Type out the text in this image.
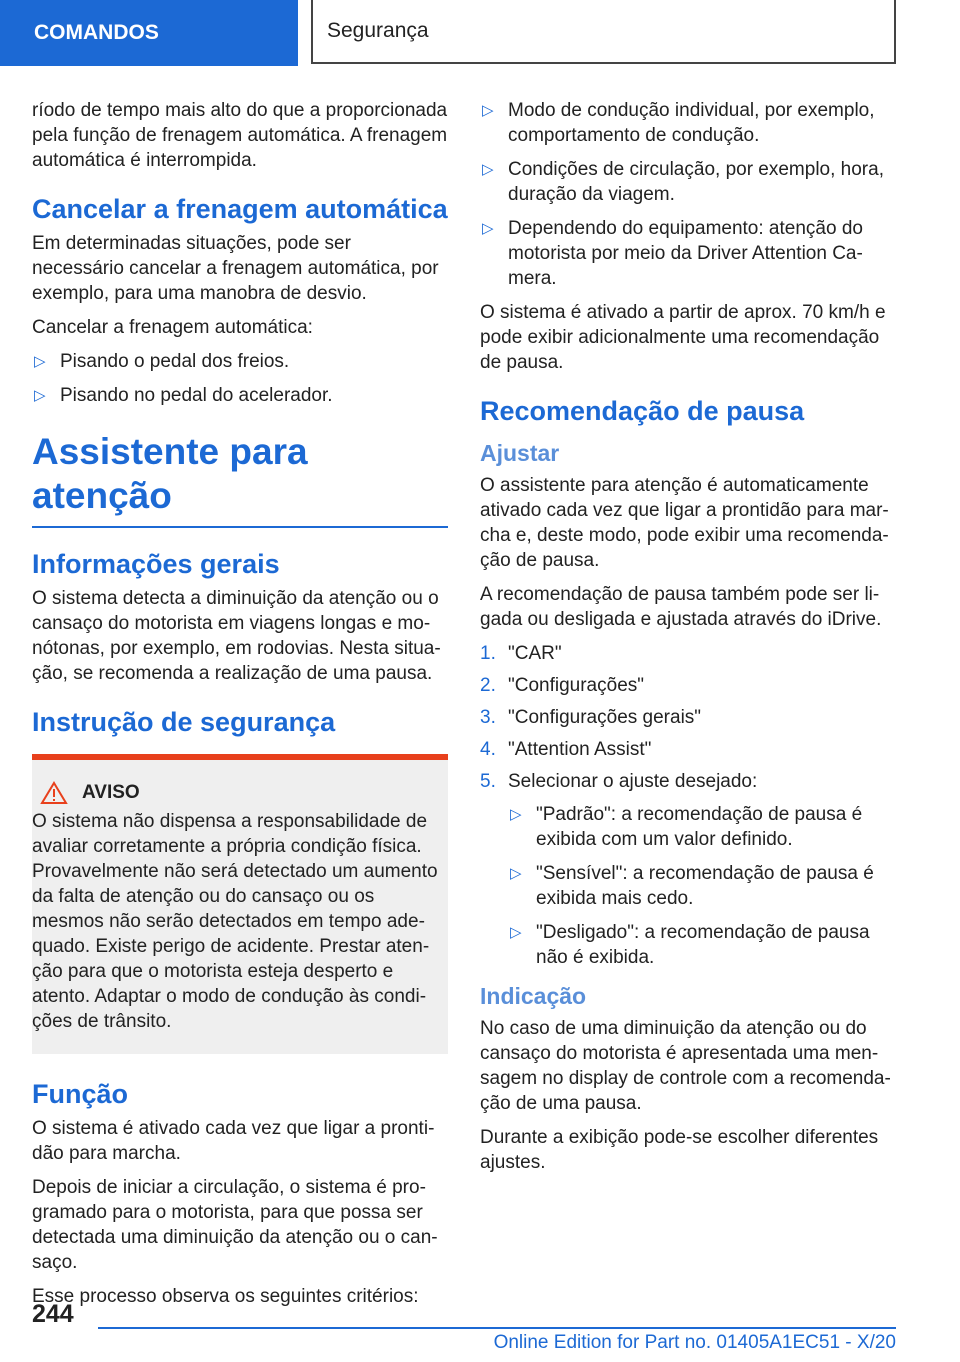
COMANDOS	Segurança

ríodo de tempo mais alto do que a proporcionada pela função de frenagem automática. A frenagem automática é interrompida.

Cancelar a frenagem automática

Em determinadas situações, pode ser necessário cancelar a frenagem automática, por exemplo, para uma manobra de desvio.

Cancelar a frenagem automática:

▷ Pisando o pedal dos freios.
▷ Pisando no pedal do acelerador.
Assistente para atenção
Informações gerais

O sistema detecta a diminuição da atenção ou o cansaço do motorista em viagens longas e monótonas, por exemplo, em rodovias. Nesta situação, se recomenda a realização de uma pausa.

Instrução de segurança
AVISO

O sistema não dispensa a responsabilidade de avaliar corretamente a própria condição física. Provavelmente não será detectado um aumento da falta de atenção ou do cansaço ou os mesmos não serão detectados em tempo adequado. Existe perigo de acidente. Prestar atenção para que o motorista esteja desperto e atento. Adaptar o modo de condução às condições de trânsito.

Função

O sistema é ativado cada vez que ligar a prontidão para marcha.

Depois de iniciar a circulação, o sistema é programado para o motorista, para que possa ser detectada uma diminuição da atenção ou o cansaço.

Esse processo observa os seguintes critérios:

▷ Modo de condução individual, por exemplo, comportamento de condução.
▷ Condições de circulação, por exemplo, hora, duração da viagem.
▷ Dependendo do equipamento: atenção do motorista por meio da Driver Attention Camera.

O sistema é ativado a partir de aprox. 70 km/h e pode exibir adicionalmente uma recomendação de pausa.

Recomendação de pausa
Ajustar

O assistente para atenção é automaticamente ativado cada vez que ligar a prontidão para marcha e, deste modo, pode exibir uma recomendação de pausa.

A recomendação de pausa também pode ser ligada ou desligada e ajustada através do iDrive.

1. "CAR"
2. "Configurações"
3. "Configurações gerais"
4. "Attention Assist"
5. Selecionar o ajuste desejado:
▷ "Padrão": a recomendação de pausa é exibida com um valor definido.
▷ "Sensível": a recomendação de pausa é exibida mais cedo.
▷ "Desligado": a recomendação de pausa não é exibida.
Indicação

No caso de uma diminuição da atenção ou do cansaço do motorista é apresentada uma mensagem no display de controle com a recomendação de uma pausa.

Durante a exibição pode-se escolher diferentes ajustes.

244
Online Edition for Part no. 01405A1EC51 - X/20
